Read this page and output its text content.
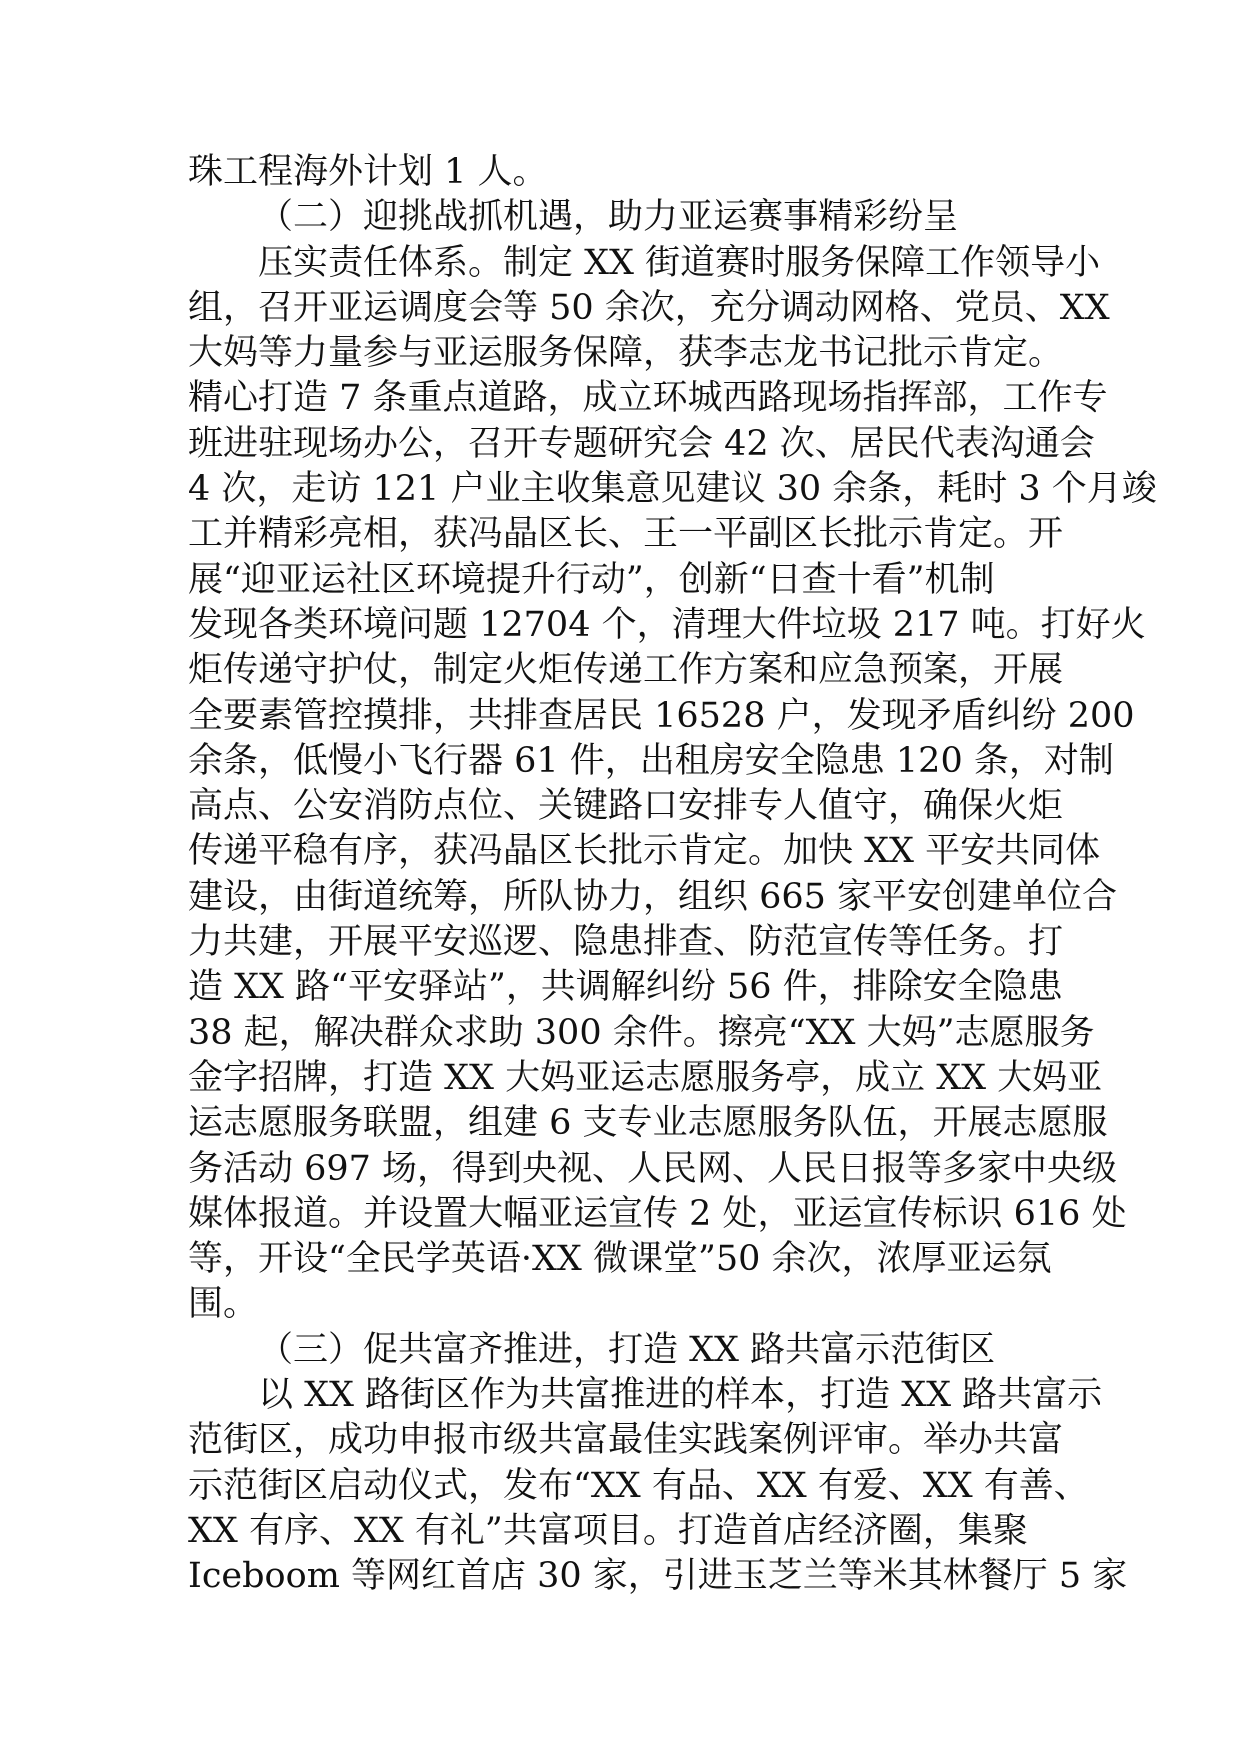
珠工程海外计划 1 人。
（二）迎挑战抓机遇，助力亚运赛事精彩纷呈
压实责任体系。制定 XX 街道赛时服务保障工作领导小
组，召开亚运调度会等 50 余次，充分调动网格、党员、XX
大妈等力量参与亚运服务保障，获李志龙书记批示肯定。
精心打造 7 条重点道路，成立环城西路现场指挥部，工作专
班进驻现场办公，召开专题研究会 42 次、居民代表沟通会
4 次，走访 121 户业主收集意见建议 30 余条，耗时 3 个月竣
工并精彩亮相，获冯晶区长、王一平副区长批示肯定。开
展“迎亚运社区环境提升行动”，创新“日查十看”机制
发现各类环境问题 12704 个，清理大件垃圾 217 吨。打好火
炬传递守护仗，制定火炬传递工作方案和应急预案，开展
全要素管控摸排，共排查居民 16528 户，发现矛盾纠纷 200
余条，低慢小飞行器 61 件，出租房安全隐患 120 条，对制
高点、公安消防点位、关键路口安排专人值守，确保火炬
传递平稳有序，获冯晶区长批示肯定。加快 XX 平安共同体
建设，由街道统筹，所队协力，组织 665 家平安创建单位合
力共建，开展平安巡逻、隐患排查、防范宣传等任务。打
造 XX 路“平安驿站”，共调解纠纷 56 件，排除安全隐患
38 起，解决群众求助 300 余件。擦亮“XX 大妈”志愿服务
金字招牌，打造 XX 大妈亚运志愿服务亭，成立 XX 大妈亚
运志愿服务联盟，组建 6 支专业志愿服务队伍，开展志愿服
务活动 697 场，得到央视、人民网、人民日报等多家中央级
媒体报道。并设置大幅亚运宣传 2 处，亚运宣传标识 616 处
等，开设“全民学英语·XX 微课堂”50 余次，浓厚亚运氛
围。
（三）促共富齐推进，打造 XX 路共富示范街区
以 XX 路街区作为共富推进的样本，打造 XX 路共富示
范街区，成功申报市级共富最佳实践案例评审。举办共富
示范街区启动仪式，发布“XX 有品、XX 有爱、XX 有善、
XX 有序、XX 有礼”共富项目。打造首店经济圈，集聚
Iceboom 等网红首店 30 家，引进玉芝兰等米其林餐厅 5 家
